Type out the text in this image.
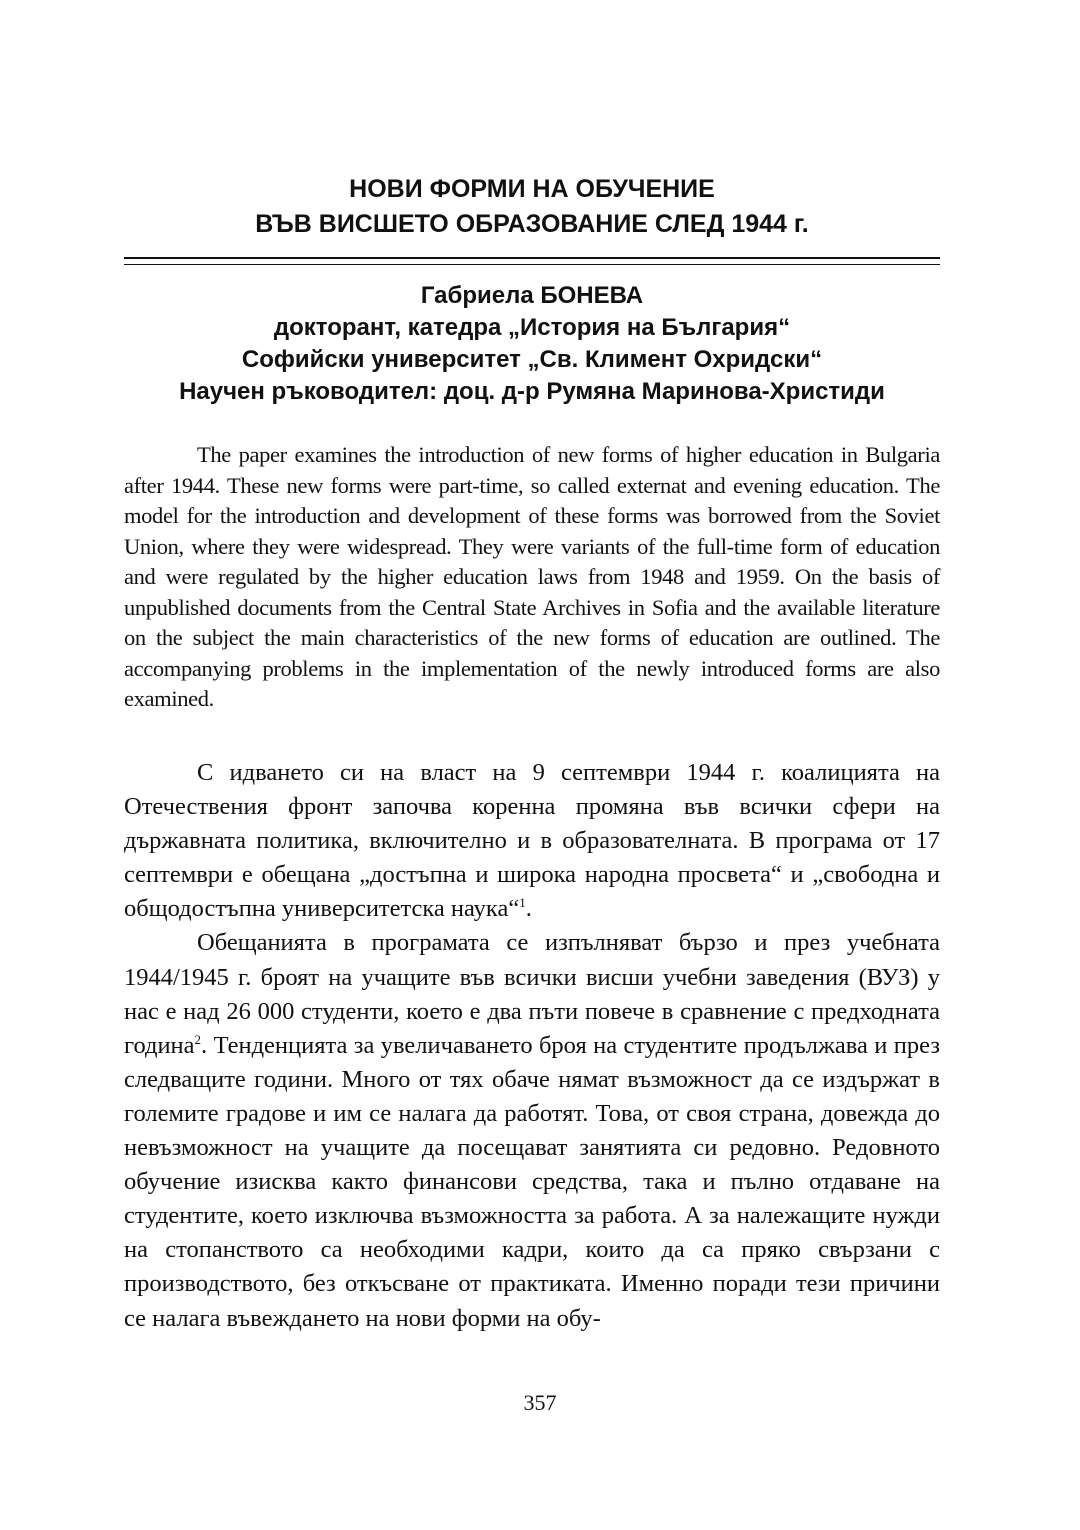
НОВИ ФОРМИ НА ОБУЧЕНИЕ
ВЪВ ВИСШЕТО ОБРАЗОВАНИЕ СЛЕД 1944 г.
Габриела БОНЕВА
докторант, катедра „История на България“
Софийски университет „Св. Климент Охридски“
Научен ръководител: доц. д-р Румяна Маринова-Христиди

The paper examines the introduction of new forms of higher education in Bulgaria after 1944. These new forms were part-time, so called externat and evening education. The model for the introduction and development of these forms was borrowed from the Soviet Union, where they were widespread. They were variants of the full-time form of education and were regulated by the higher education laws from 1948 and 1959. On the basis of unpublished documents from the Central State Archives in Sofia and the available literature on the subject the main characteristics of the new forms of education are outlined. The accompanying problems in the implementation of the newly introduced forms are also examined.

С идването си на власт на 9 септември 1944 г. коалицията на Отечествения фронт започва коренна промяна във всички сфери на държавната политика, включително и в образователната. В програма от 17 септември е обещана „достъпна и широка народна просвета“ и „свободна и общодостъпна университетска наука“$^1$.

Обещанията в програмата се изпълняват бързо и през учебната 1944/1945 г. броят на учащите във всички висши учебни заведения (ВУЗ) у нас е над 26 000 студенти, което е два пъти повече в сравнение с предходната година$^2$. Тенденцията за увеличаването броя на студентите продължава и през следващите години. Много от тях обаче нямат възможност да се издържат в големите градове и им се налага да работят. Това, от своя страна, довежда до невъзможност на учащите да посещават занятията си редовно. Редовното обучение изисква както финансови средства, така и пълно отдаване на студентите, което изключва възможността за работа. А за належащите нужди на стопанството са необходими кадри, които да са пряко свързани с производството, без откъсване от практиката. Именно поради тези причини се налага въвеждането на нови форми на обу-

357
